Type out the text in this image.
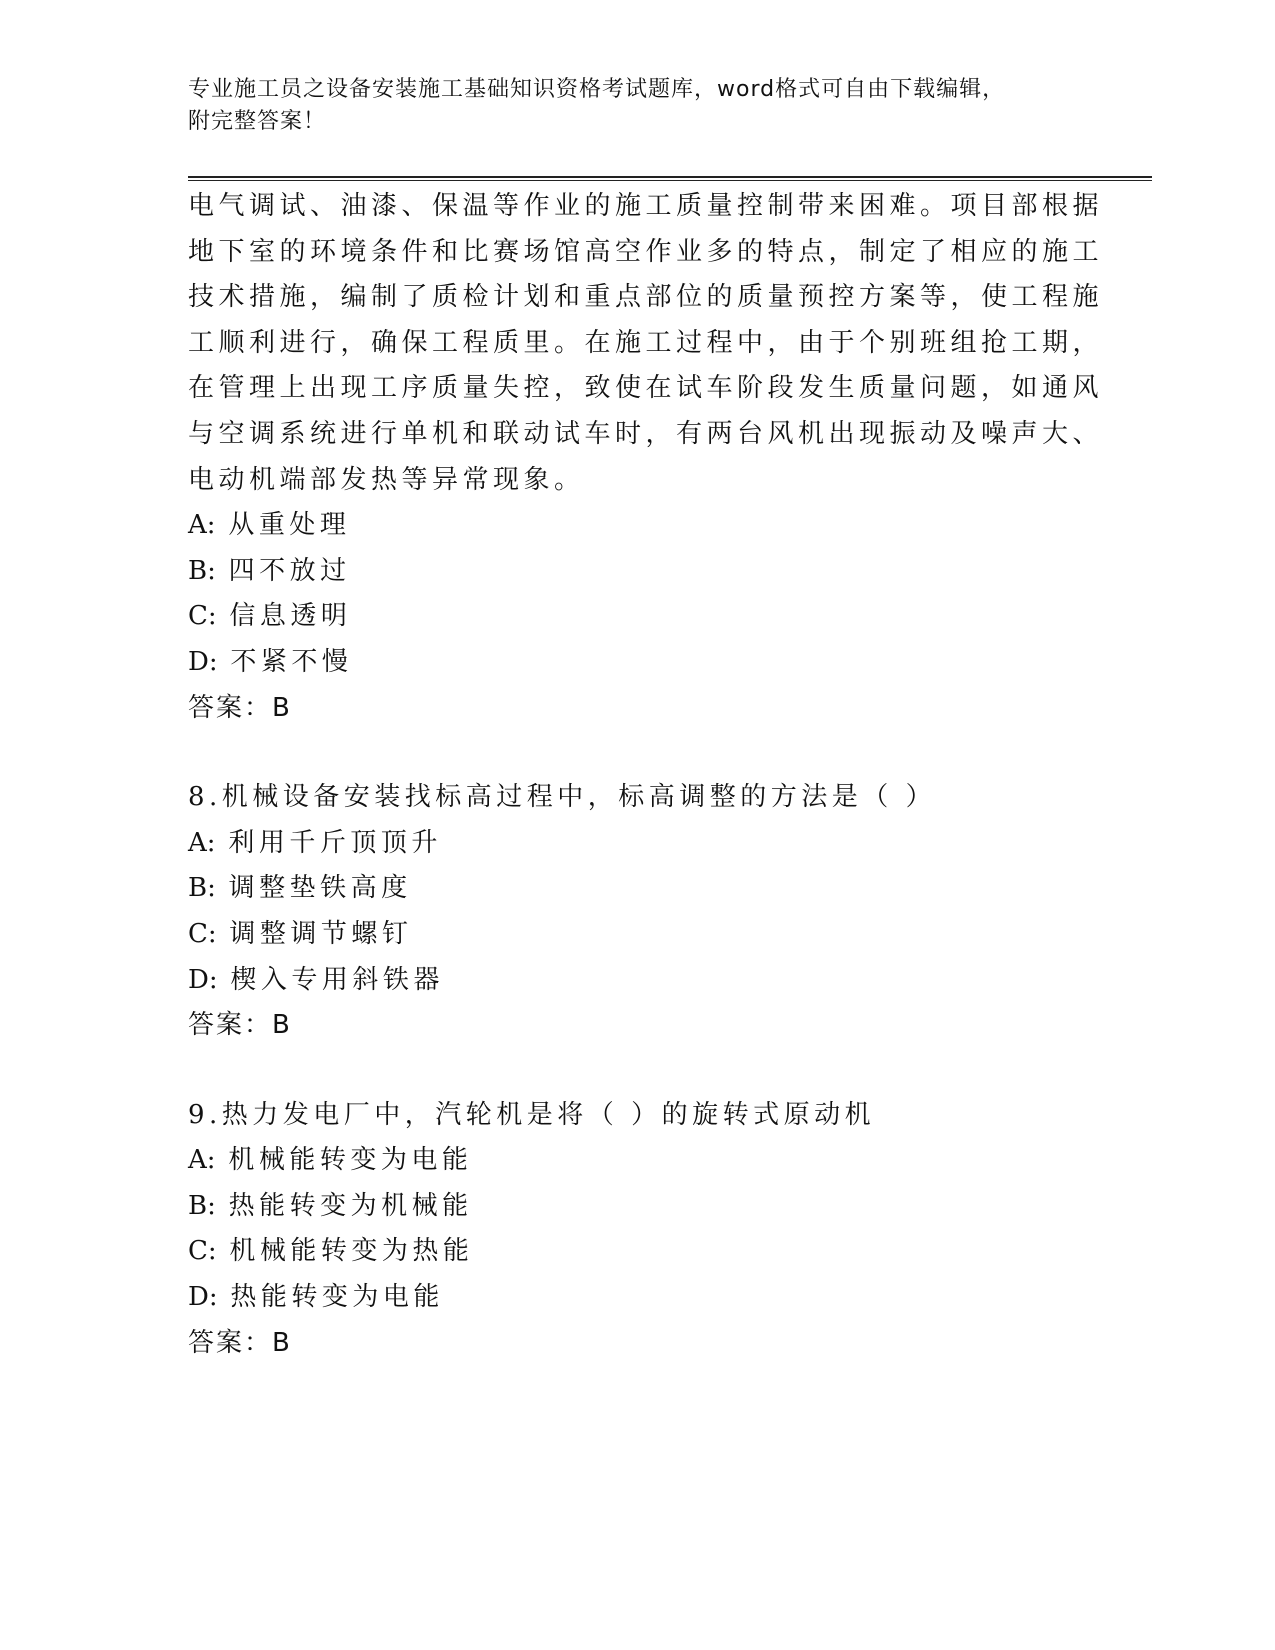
专业施工员之设备安装施工基础知识资格考试题库，word格式可自由下载编辑，
附完整答案！

电气调试、油漆、保温等作业的施工质量控制带来困难。项目部根据
地下室的环境条件和比赛场馆高空作业多的特点，制定了相应的施工
技术措施，编制了质检计划和重点部位的质量预控方案等，使工程施
工顺利进行，确保工程质里。在施工过程中，由于个别班组抢工期，
在管理上出现工序质量失控，致使在试车阶段发生质量问题，如通风
与空调系统进行单机和联动试车时，有两台风机出现振动及噪声大、
电动机端部发热等异常现象。

A: 从重处理
B: 四不放过
C: 信息透明
D: 不紧不慢
答案：B
8.机械设备安装找标高过程中，标高调整的方法是（ ）
A: 利用千斤顶顶升
B: 调整垫铁高度
C: 调整调节螺钉
D: 楔入专用斜铁器
答案：B
9.热力发电厂中，汽轮机是将（ ）的旋转式原动机
A: 机械能转变为电能
B: 热能转变为机械能
C: 机械能转变为热能
D: 热能转变为电能
答案：B
